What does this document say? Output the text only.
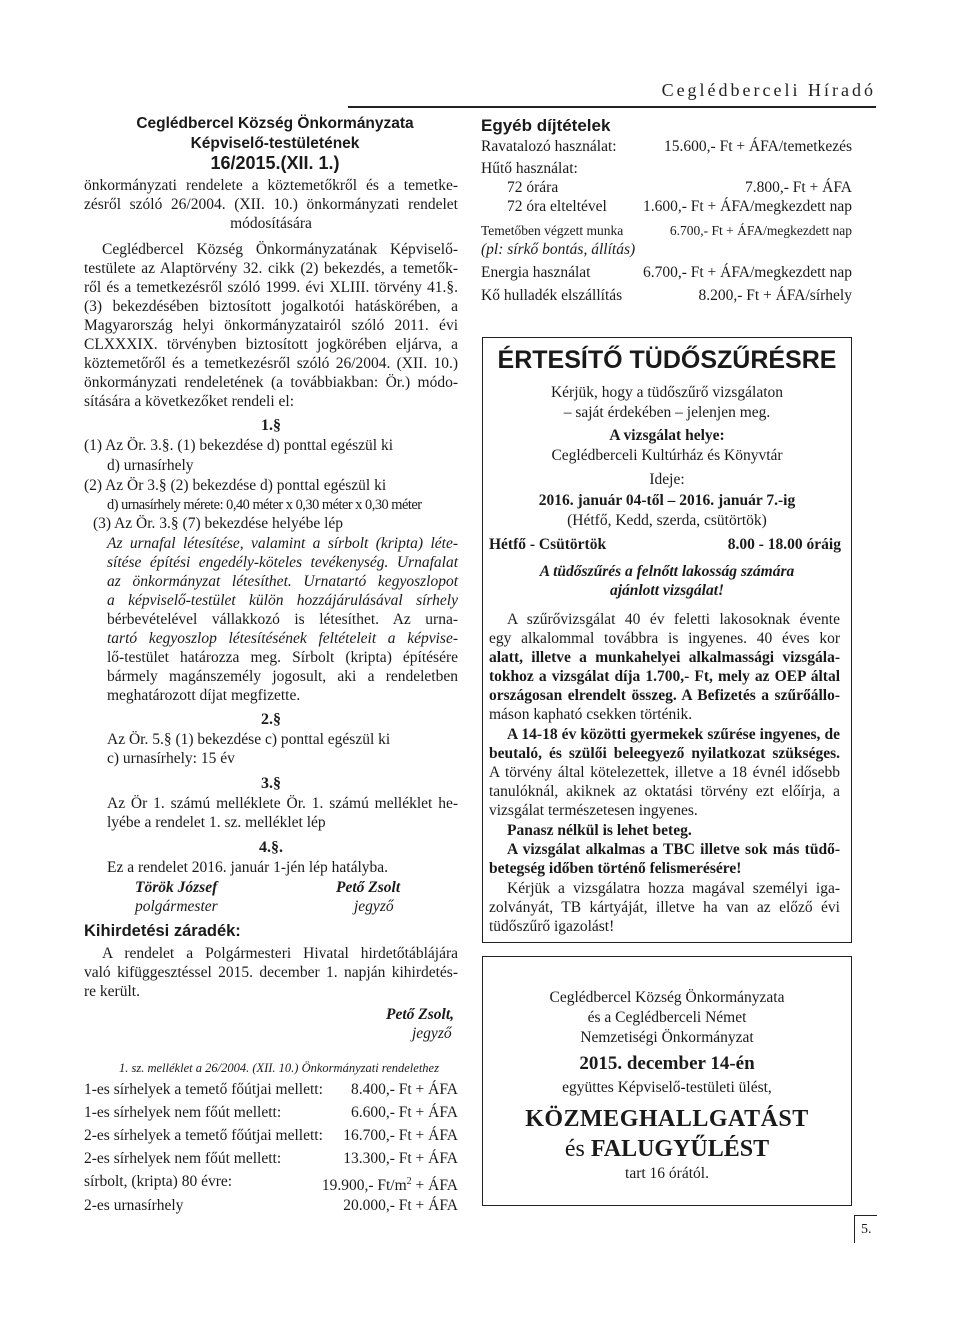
Ceglédberceli Híradó
Ceglédbercel Község Önkormányzata
Képviselő-testületének
16/2015.(XII. 1.)
önkormányzati rendelete a köztemetőkről és a temetke-
zésről szóló 26/2004. (XII. 10.) önkormányzati rendelet
módosítására
Ceglédbercel Község Önkormányzatának Képviselő-
testülete az Alaptörvény 32. cikk (2) bekezdés, a temetők-
ről és a temetkezésről szóló 1999. évi XLIII. törvény 41.§.
(3) bekezdésében biztosított jogalkotói hatáskörében, a
Magyarország helyi önkormányzatairól szóló 2011. évi
CLXXXIX. törvényben biztosított jogkörében eljárva, a
köztemetőről és a temetkezésről szóló 26/2004. (XII. 10.)
önkormányzati rendeletének (a továbbiakban: Ör.) módo-
sítására a következőket rendeli el:
1.§
(1) Az Ör. 3.§. (1) bekezdése d) ponttal egészül ki
d) urnasírhely
(2) Az Ör 3.§ (2) bekezdése d) ponttal egészül ki
d) urnasírhely mérete: 0,40 méter x 0,30 méter x 0,30 méter
(3) Az Ör. 3.§ (7) bekezdése helyébe lép
Az urnafal létesítése, valamint a sírbolt (kripta) léte-
sítése építési engedély-köteles tevékenység. Urnafalat
az önkormányzat létesíthet. Urnatartó kegyoszlopot
a képviselő-testület külön hozzájárulásával sírhely
bérbevételével vállakkozó is létesíthet. Az urna-
tartó kegyoszlop létesítésének feltételeit a képvise-
lő-testület határozza meg. Sírbolt (kripta) építésére
bármely magánszemély jogosult, aki a rendeletben
meghatározott díjat megfizette.
2.§
Az Ör. 5.§ (1) bekezdése c) ponttal egészül ki
c) urnasírhely: 15 év
3.§
Az Ör 1. számú melléklete Ör. 1. számú melléklet he-
lyébe a rendelet 1. sz. melléklet lép
4.§.
Ez a rendelet 2016. január 1-jén lép hatályba.
Török József	Pető Zsolt
polgármester	jegyző
Kihirdetési záradék:
A rendelet a Polgármesteri Hivatal hirdetőtáblájára
való kifüggesztéssel 2015. december 1. napján kihirdetés-
re került.
Pető Zsolt,
jegyző
1. sz. melléklet a 26/2004. (XII. 10.) Önkormányzati rendelethez
1-es sírhelyek a temető főútjai mellett: 8.400,- Ft + ÁFA
1-es sírhelyek nem főút mellett:	6.600,- Ft + ÁFA
2-es sírhelyek a temető főútjai mellett: 16.700,- Ft + ÁFA
2-es sírhelyek nem főút mellett:	13.300,- Ft + ÁFA
sírbolt, (kripta) 80 évre:	19.900,- $Ft/m^2$ + ÁFA
2-es urnasírhely	20.000,- Ft + ÁFA
Egyéb díjtételek
Ravatalozó használat:	15.600,- Ft + ÁFA/temetkezés
Hűtő használat:
72 órára	7.800,- Ft + ÁFA
72 óra elteltével 1.600,- Ft + ÁFA/megkezdett nap
Temetőben végzett munka	6.700,- Ft + ÁFA/megkezdett nap
(pl: sírkő bontás, állítás)
Energia használat	6.700,- Ft + ÁFA/megkezdett nap
Kő hulladék elszállítás	8.200,- Ft + ÁFA/sírhely
ÉRTESÍTŐ TÜDŐSZŰRÉSRE
Kérjük, hogy a tüdőszűrő vizsgálaton
– saját érdekében – jelenjen meg.
A vizsgálat helye:
Ceglédberceli Kultúrház és Könyvtár
Ideje:
2016. január 04-től – 2016. január 7.-ig
(Hétfő, Kedd, szerda, csütörtök)
Hétfő - Csütörtök	8.00 - 18.00 óráig
A tüdőszűrés a felnőtt lakosság számára
ajánlott vizsgálat!
A szűrővizsgálat 40 év feletti lakosoknak évente
egy alkalommal továbbra is ingyenes. 40 éves kor
alatt, illetve a munkahelyei alkalmassági vizsgála-
tokhoz a vizsgálat díja 1.700,- Ft, mely az OEP által
országosan elrendelt összeg. A Befizetés a szűrőállo-
máson kapható csekken történik.
A 14-18 év közötti gyermekek szűrése ingyenes, de
beutaló, és szülői beleegyező nyilatkozat szükséges.
A törvény által kötelezettek, illetve a 18 évnél idősebb
tanulóknál, akiknek az oktatási törvény ezt előírja, a
vizsgálat természetesen ingyenes.
Panasz nélkül is lehet beteg.
A vizsgálat alkalmas a TBC illetve sok más tüdő-
betegség időben történő felismerésére!
Kérjük a vizsgálatra hozza magával személyi iga-
zolványát, TB kártyáját, illetve ha van az előző évi
tüdőszűrő igazolást!
Ceglédbercel Község Önkormányzata
és a Ceglédberceli Német
Nemzetiségi Önkormányzat
2015. december 14-én
együttes Képviselő-testületi ülést,
KÖZMEGHALLGATÁST
és FALUGYŰLÉST
tart 16 órától.
5.
